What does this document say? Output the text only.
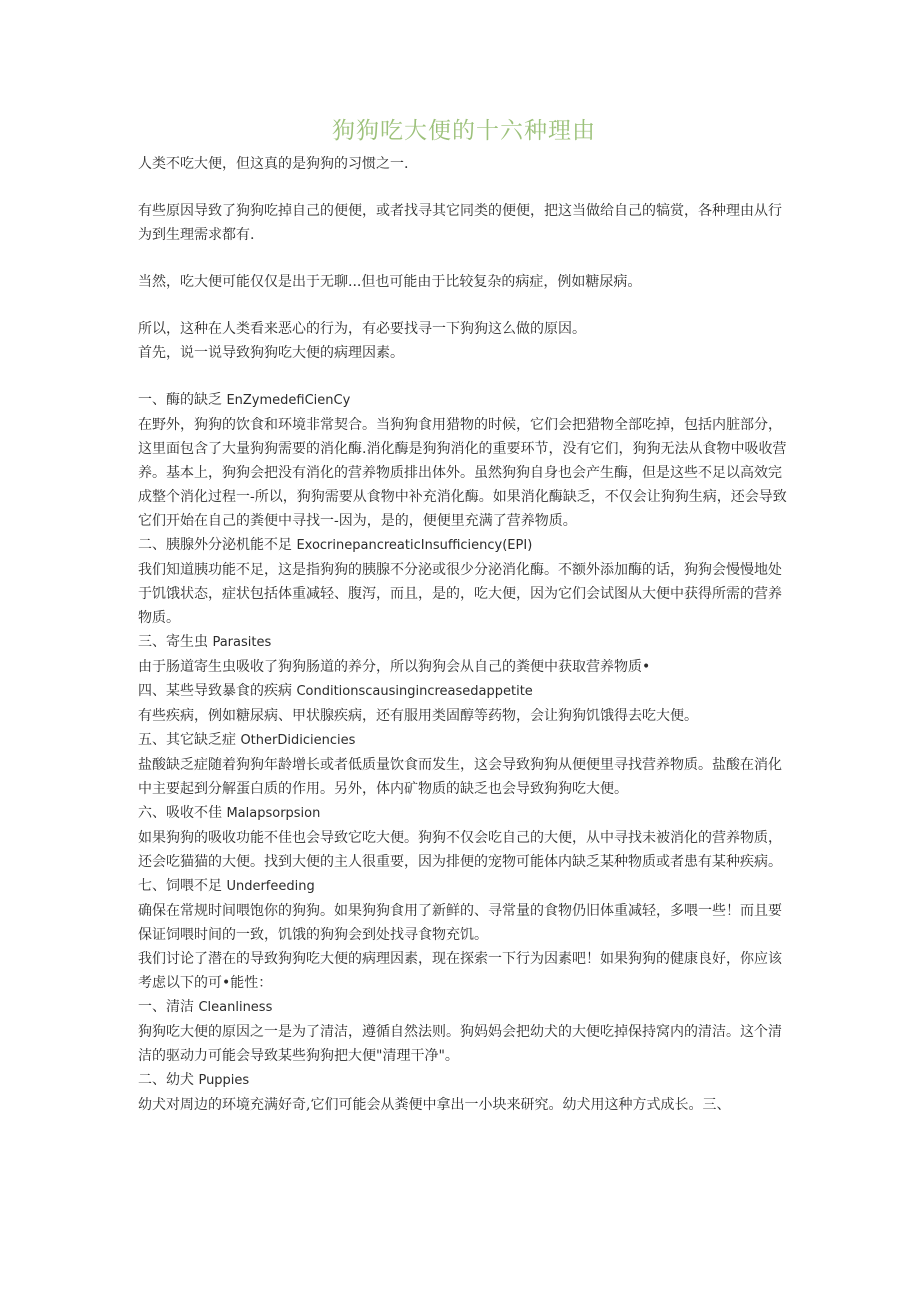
狗狗吃大便的十六种理由

人类不吃大便，但这真的是狗狗的习惯之一.

有些原因导致了狗狗吃掉自己的便便，或者找寻其它同类的便便，把这当做给自己的犒赏，各种理由从行为到生理需求都有.

当然，吃大便可能仅仅是出于无聊...但也可能由于比较复杂的病症，例如糖尿病。

所以，这种在人类看来恶心的行为，有必要找寻一下狗狗这么做的原因。

首先，说一说导致狗狗吃大便的病理因素。

一、酶的缺乏 EnZymedefiCienCy

在野外，狗狗的饮食和环境非常契合。当狗狗食用猎物的时候，它们会把猎物全部吃掉，包括内脏部分，这里面包含了大量狗狗需要的消化酶.消化酶是狗狗消化的重要环节，没有它们，狗狗无法从食物中吸收营养。基本上，狗狗会把没有消化的营养物质排出体外。虽然狗狗自身也会产生酶，但是这些不足以高效完成整个消化过程一-所以，狗狗需要从食物中补充消化酶。如果消化酶缺乏，不仅会让狗狗生病，还会导致它们开始在自己的粪便中寻找一-因为，是的，便便里充满了营养物质。

二、胰腺外分泌机能不足 ExocrinepancreaticInsufficiency(EPI)

我们知道胰功能不足，这是指狗狗的胰腺不分泌或很少分泌消化酶。不额外添加酶的话，狗狗会慢慢地处于饥饿状态，症状包括体重减轻、腹泻，而且，是的，吃大便，因为它们会试图从大便中获得所需的营养物质。

三、寄生虫 Parasites

由于肠道寄生虫吸收了狗狗肠道的养分，所以狗狗会从自己的粪便中获取营养物质•

四、某些导致暴食的疾病 Conditionscausingincreasedappetite

有些疾病，例如糖尿病、甲状腺疾病，还有服用类固醇等药物，会让狗狗饥饿得去吃大便。

五、其它缺乏症 OtherDidiciencies

盐酸缺乏症随着狗狗年龄增长或者低质量饮食而发生，这会导致狗狗从便便里寻找营养物质。盐酸在消化中主要起到分解蛋白质的作用。另外，体内矿物质的缺乏也会导致狗狗吃大便。

六、吸收不佳 Malapsorpsion

如果狗狗的吸收功能不佳也会导致它吃大便。狗狗不仅会吃自己的大便，从中寻找未被消化的营养物质，还会吃猫猫的大便。找到大便的主人很重要，因为排便的宠物可能体内缺乏某种物质或者患有某种疾病。

七、饲喂不足 Underfeeding

确保在常规时间喂饱你的狗狗。如果狗狗食用了新鲜的、寻常量的食物仍旧体重减轻，多喂一些！而且要保证饲喂时间的一致，饥饿的狗狗会到处找寻食物充饥。

我们讨论了潜在的导致狗狗吃大便的病理因素，现在探索一下行为因素吧！如果狗狗的健康良好，你应该考虑以下的可•能性：

一、清洁 Cleanliness

狗狗吃大便的原因之一是为了清洁，遵循自然法则。狗妈妈会把幼犬的大便吃掉保持窝内的清洁。这个清洁的驱动力可能会导致某些狗狗把大便"清理干净"。

二、幼犬 Puppies

幼犬对周边的环境充满好奇,它们可能会从粪便中拿出一小块来研究。幼犬用这种方式成长。三、
